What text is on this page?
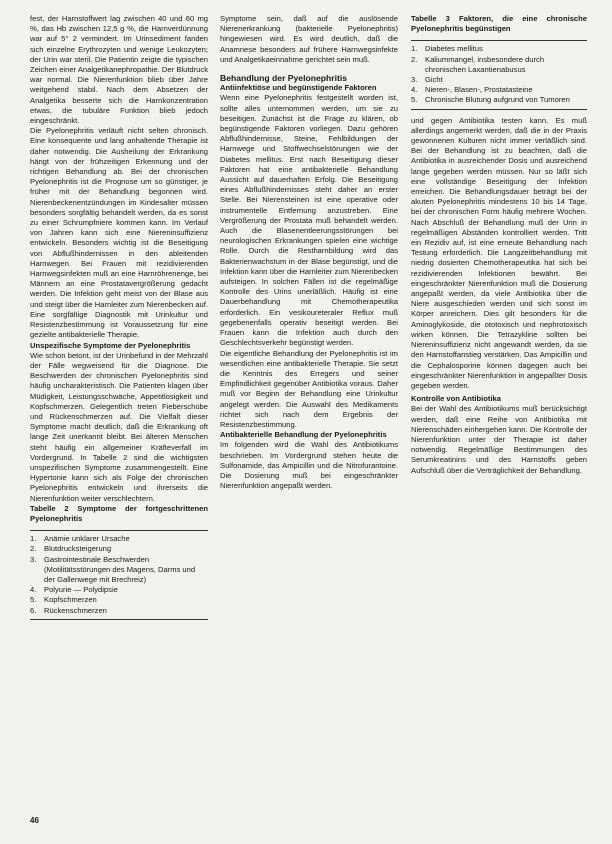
fest, der Harnstoffwert lag zwischen 40 und 60 mg %, das Hb zwischen 12,5 g %, die Harnverdünnung war auf 5° 2 vermindert. Im Urinsediment fanden sich einzelne Erythrozyten und wenige Leukozyten; der Urin war steril. Die Patientin zeigte die typischen Zeichen einer Analgetikanephropathie. Der Blutdruck war normal. Die Nierenfunktion blieb über Jahre weitgehend stabil. Nach dem Absetzen der Analgetika besserte sich die Harnkonzentration etwas, die tubuläre Funktion blieb jedoch eingeschränkt.

Die Pyelonephritis verläuft nicht selten chronisch. Eine konsequente und lang anhaltende Therapie ist daher notwendig. Die Ausheilung der Erkrankung hängt von der frühzeitigen Erkennung und der richtigen Behandlung ab. Bei der chronischen Pyelonephritis ist die Prognose um so günstiger, je früher mit der Behandlung begonnen wird. Nierenbeckenentzündungen im Kindesalter müssen besonders sorgfältig behandelt werden, da es sonst zu einer Schrumpfniere kommen kann. Im Verlauf von Jahren kann sich eine Niereninsuffizienz entwickeln. Besonders wichtig ist die Beseitigung von Abflußhindernissen in den ableitenden Harnwegen. Bei Frauen mit rezidivierenden Harnwegsinfekten muß an eine Harnröhrenenge, bei Männern an eine Prostatavergrößerung gedacht werden. Die Infektion geht meist von der Blase aus und steigt über die Harnleiter zum Nierenbecken auf. Eine sorgfältige Diagnostik mit Urinkultur und Resistenzbestimmung ist Voraussetzung für eine gezielte antibakterielle Therapie.

Unspezifische Symptome der Pyelonephritis

Wie schon betont, ist der Urinbefund in der Mehrzahl der Fälle wegweisend für die Diagnose. Die Beschwerden der chronischen Pyelonephritis sind häufig uncharakteristisch. Die Patienten klagen über Müdigkeit, Leistungsschwäche, Appetitlosigkeit und Kopfschmerzen. Gelegentlich treten Fieberschübe und Rückenschmerzen auf. Die Vielfalt dieser Symptome macht deutlich, daß die Erkrankung oft lange Zeit unerkannt bleibt. Bei älteren Menschen steht häufig ein allgemeiner Kräfteverfall im Vordergrund. In Tabelle 2 sind die wichtigsten unspezifischen Symptome zusammengestellt. Eine Hypertonie kann sich als Folge der chronischen Pyelonephritis entwickeln und ihrerseits die Nierenfunktion weiter verschlechtern.

Tabelle 2 Symptome der fortgeschrittenen Pyelonephritis

1.	Anämie unklarer Ursache
2.	Blutdrucksteigerung
3.	Gastrointestinale Beschwerden (Motilitätsstörungen des Magens, Darms und der Gallenwege mit Brechreiz)
4.	Polyurie — Polydipsie
5.	Kopfschmerzen
6.	Rückenschmerzen

Symptome sein, daß auf die auslösende Nierenerkrankung (bakterielle Pyelonephritis) hingewiesen wird. Es wird deutlich, daß die Anamnese besonders auf frühere Harnwegsinfekte und Analgetikaeinnahme gerichtet sein muß.

Behandlung der Pyelonephritis

Antiinfektiöse und begünstigende Faktoren

Wenn eine Pyelonephritis festgestellt worden ist, sollte alles unternommen werden, um sie zu beseitigen. Zunächst ist die Frage zu klären, ob begünstigende Faktoren vorliegen. Dazu gehören Abflußhindernisse, Steine, Fehlbildungen der Harnwege und Stoffwechselstörungen wie der Diabetes mellitus. Erst nach Beseitigung dieser Faktoren hat eine antibakterielle Behandlung Aussicht auf dauerhaften Erfolg. Die Beseitigung eines Abflußhindernisses steht daher an erster Stelle. Bei Nierensteinen ist eine operative oder instrumentelle Entfernung anzustreben. Eine Vergrößerung der Prostata muß behandelt werden. Auch die Blasenentleerungsstörungen bei neurologischen Erkrankungen spielen eine wichtige Rolle. Durch die Restharnbildung wird das Bakterienwachstum in der Blase begünstigt, und die Infektion kann über die Harnleiter zum Nierenbecken aufsteigen. In solchen Fällen ist die regelmäßige Kontrolle des Urins unerläßlich. Häufig ist eine Dauerbehandlung mit Chemotherapeutika erforderlich. Ein vesikoureteraler Reflux muß gegebenenfalls operativ beseitigt werden. Bei Frauen kann die Infektion auch durch den Geschlechtsverkehr begünstigt werden.

Die eigentliche Behandlung der Pyelonephritis ist im wesentlichen eine antibakterielle Therapie. Sie setzt die Kenntnis des Erregers und seiner Empfindlichkeit gegenüber Antibiotika voraus. Daher muß vor Beginn der Behandlung eine Urinkultur angelegt werden. Die Auswahl des Medikaments richtet sich nach dem Ergebnis der Resistenzbestimmung.

Antibakterielle Behandlung der Pyelonephritis

Im folgenden wird die Wahl des Antibiotikums beschrieben. Im Vordergrund stehen heute die Sulfonamide, das Ampicillin und die Nitrofurantoine. Die Dosierung muß bei eingeschränkter Nierenfunktion angepaßt werden.

Tabelle 3 Faktoren, die eine chronische Pyelonephritis begünstigen

1.	Diabetes mellitus
2.	Kaliummangel, insbesondere durch chronischen Laxantienabusus
3.	Gicht
4.	Nieren-, Blasen-, Prostatasteine
5.	Chronische Blutung aufgrund von Tumoren

und gegen Antibiotika testen kann. Es muß allerdings angemerkt werden, daß die in der Praxis gewonnenen Kulturen nicht immer verläßlich sind. Bei der Behandlung ist zu beachten, daß die Antibiotika in ausreichender Dosis und ausreichend lange gegeben werden müssen. Nur so läßt sich eine vollständige Beseitigung der Infektion erreichen. Die Behandlungsdauer beträgt bei der akuten Pyelonephritis mindestens 10 bis 14 Tage, bei der chronischen Form häufig mehrere Wochen. Nach Abschluß der Behandlung muß der Urin in regelmäßigen Abständen kontrolliert werden. Tritt ein Rezidiv auf, ist eine erneute Behandlung nach Testung erforderlich. Die Langzeitbehandlung mit niedrig dosierten Chemotherapeutika hat sich bei rezidivierenden Infektionen bewährt. Bei eingeschränkter Nierenfunktion muß die Dosierung angepaßt werden, da viele Antibiotika über die Niere ausgeschieden werden und sich sonst im Körper anreichern. Dies gilt besonders für die Aminoglykoside, die ototoxisch und nephrotoxisch wirken können. Die Tetrazykline sollten bei Niereninsuffizienz nicht angewandt werden, da sie den Harnstoffanstieg verstärken. Das Ampicillin und die Cephalosporine können dagegen auch bei eingeschränkter Nierenfunktion in angepaßter Dosis gegeben werden.

Kontrolle von Antibiotika

Bei der Wahl des Antibiotikums muß berücksichtigt werden, daß eine Reihe von Antibiotika mit Nierenschäden einhergehen kann. Die Kontrolle der Nierenfunktion unter der Therapie ist daher notwendig. Regelmäßige Bestimmungen des Serumkreatinins und des Harnstoffs geben Aufschluß über die Verträglichkeit der Behandlung.

46
